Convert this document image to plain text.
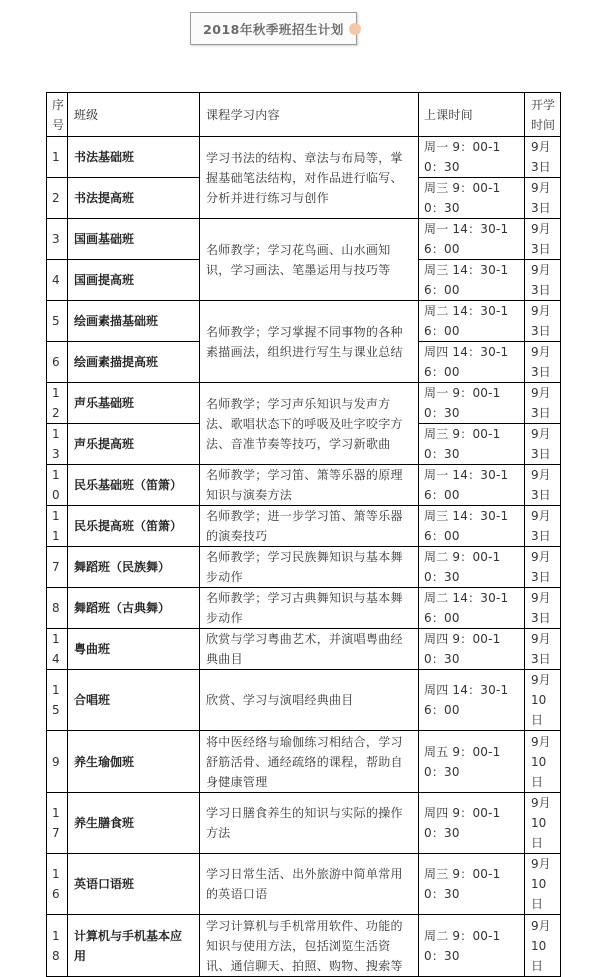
2018年秋季班招生计划
序号	班级	课程学习内容	上课时间	开学时间
1	书法基础班	学习书法的结构、章法与布局等，掌握基础笔法结构，对作品进行临写、分析并进行练习与创作	周一 9：00-10：30	9月3日
2	书法提高班		周三 9：00-10：30	9月3日
3	国画基础班	名师教学；学习花鸟画、山水画知识，学习画法、笔墨运用与技巧等	周一 14：30-16：00	9月3日
4	国画提高班		周三 14：30-16：00	9月3日
5	绘画素描基础班	名师教学；学习掌握不同事物的各种素描画法，组织进行写生与课业总结	周二 14：30-16：00	9月3日
6	绘画素描提高班		周四 14：30-16：00	9月3日
12	声乐基础班	名师教学；学习声乐知识与发声方法、歌唱状态下的呼吸及吐字咬字方法、音准节奏等技巧，学习新歌曲	周一 9：00-10：30	9月3日
13	声乐提高班		周三 9：00-10：30	9月3日
10	民乐基础班（笛箫）	名师教学；学习笛、箫等乐器的原理知识与演奏方法	周一 14：30-16：00	9月3日
11	民乐提高班（笛箫）	名师教学；进一步学习笛、箫等乐器的演奏技巧	周三 14：30-16：00	9月3日
7	舞蹈班（民族舞）	名师教学；学习民族舞知识与基本舞步动作	周二 9：00-10：30	9月3日
8	舞蹈班（古典舞）	名师教学；学习古典舞知识与基本舞步动作	周二 14：30-16：00	9月3日
14	粤曲班	欣赏与学习粤曲艺术，并演唱粤曲经典曲目	周四 9：00-10：30	9月3日
15	合唱班	欣赏、学习与演唱经典曲目	周四 14：30-16：00	9月10日
9	养生瑜伽班	将中医经络与瑜伽练习相结合，学习舒筋活骨、通经疏络的课程，帮助自身健康管理	周五 9：00-10：30	9月10日
17	养生膳食班	学习日膳食养生的知识与实际的操作方法	周四 9：00-10：30	9月10日
16	英语口语班	学习日常生活、出外旅游中简单常用的英语口语	周三 9：00-10：30	9月10日
18	计算机与手机基本应用	学习计算机与手机常用软件、功能的知识与使用方法，包括浏览生活资讯、通信聊天、拍照、购物、搜索等	周二 9：00-10：30	9月10日
